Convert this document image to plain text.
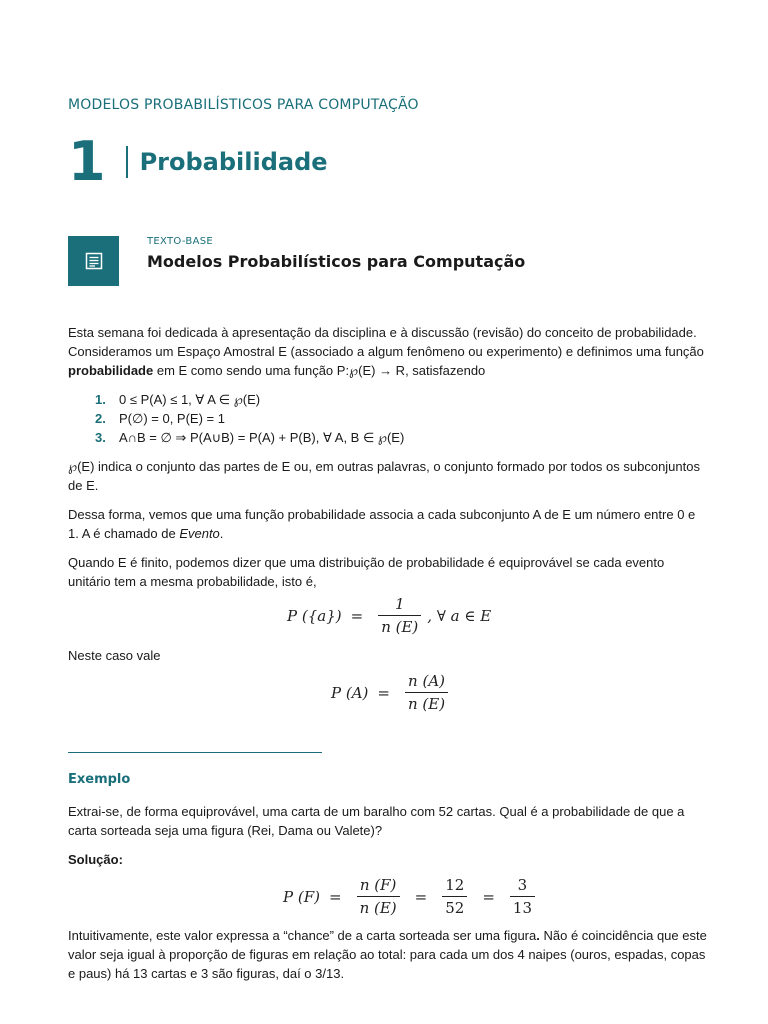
MODELOS PROBABILÍSTICOS PARA COMPUTAÇÃO
1 Probabilidade
TEXTO-BASE
Modelos Probabilísticos para Computação
Esta semana foi dedicada à apresentação da disciplina e à discussão (revisão) do conceito de probabilidade. Consideramos um Espaço Amostral E (associado a algum fenômeno ou experimento) e definimos uma função probabilidade em E como sendo uma função P:℘(E) → R, satisfazendo
1.	0 ≤ P(A) ≤ 1, ∀ A ∈ ℘(E)
2.	P(∅) = 0, P(E) = 1
3.	A∩B = ∅ ⇒ P(A∪B) = P(A) + P(B), ∀ A, B ∈ ℘(E)
℘(E) indica o conjunto das partes de E ou, em outras palavras, o conjunto formado por todos os subconjuntos de E.
Dessa forma, vemos que uma função probabilidade associa a cada subconjunto A de E um número entre 0 e 1. A é chamado de Evento.
Quando E é finito, podemos dizer que uma distribuição de probabilidade é equiprovável se cada evento unitário tem a mesma probabilidade, isto é,
P $(\{a\}) = \frac{1}{n (E)}$ , ∀ a ∈ E
Neste caso vale
P $(A) = \frac{n (A)}{n (E)}$
Exemplo
Extrai-se, de forma equiprovável, uma carta de um baralho com 52 cartas. Qual é a probabilidade de que a carta sorteada seja uma figura (Rei, Dama ou Valete)?
Solução:
P $(F) = \frac{n (F)}{n (E)} = \frac{12}{52} = \frac{3}{13}$
Intuitivamente, este valor expressa a “chance” de a carta sorteada ser uma figura. Não é coincidência que este valor seja igual à proporção de figuras em relação ao total: para cada um dos 4 naipes (ouros, espadas, copas e paus) há 13 cartas e 3 são figuras, daí o 3/13.
